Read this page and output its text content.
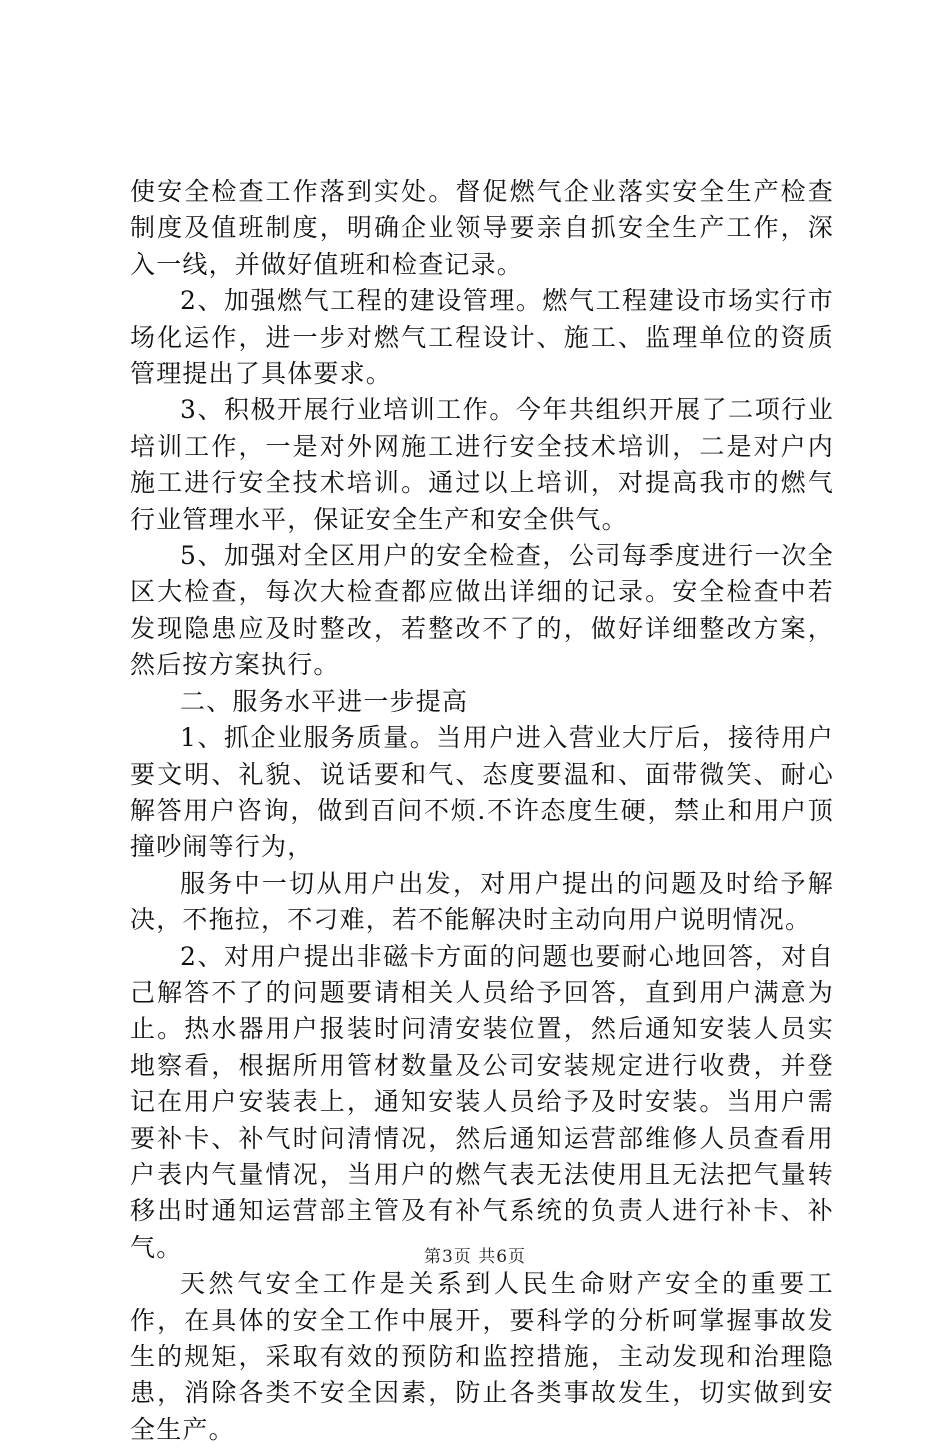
使安全检查工作落到实处。督促燃气企业落实安全生产检查制度及值班制度，明确企业领导要亲自抓安全生产工作，深入一线，并做好值班和检查记录。

2、加强燃气工程的建设管理。燃气工程建设市场实行市场化运作，进一步对燃气工程设计、施工、监理单位的资质管理提出了具体要求。

3、积极开展行业培训工作。今年共组织开展了二项行业培训工作，一是对外网施工进行安全技术培训，二是对户内施工进行安全技术培训。通过以上培训，对提高我市的燃气行业管理水平，保证安全生产和安全供气。

5、加强对全区用户的安全检查，公司每季度进行一次全区大检查，每次大检查都应做出详细的记录。安全检查中若发现隐患应及时整改，若整改不了的，做好详细整改方案，然后按方案执行。

二、服务水平进一步提高

1、抓企业服务质量。当用户进入营业大厅后，接待用户要文明、礼貌、说话要和气、态度要温和、面带微笑、耐心解答用户咨询，做到百问不烦.不许态度生硬，禁止和用户顶撞吵闹等行为，

服务中一切从用户出发，对用户提出的问题及时给予解决，不拖拉，不刁难，若不能解决时主动向用户说明情况。

2、对用户提出非磁卡方面的问题也要耐心地回答，对自己解答不了的问题要请相关人员给予回答，直到用户满意为止。热水器用户报装时问清安装位置，然后通知安装人员实地察看，根据所用管材数量及公司安装规定进行收费，并登记在用户安装表上，通知安装人员给予及时安装。当用户需要补卡、补气时问清情况，然后通知运营部维修人员查看用户表内气量情况，当用户的燃气表无法使用且无法把气量转移出时通知运营部主管及有补气系统的负责人进行补卡、补气。

天然气安全工作是关系到人民生命财产安全的重要工作，在具体的安全工作中展开，要科学的分析呵掌握事故发生的规矩，采取有效的预防和监控措施，主动发现和治理隐患，消除各类不安全因素，防止各类事故发生，切实做到安全生产。

第3页 共6页
